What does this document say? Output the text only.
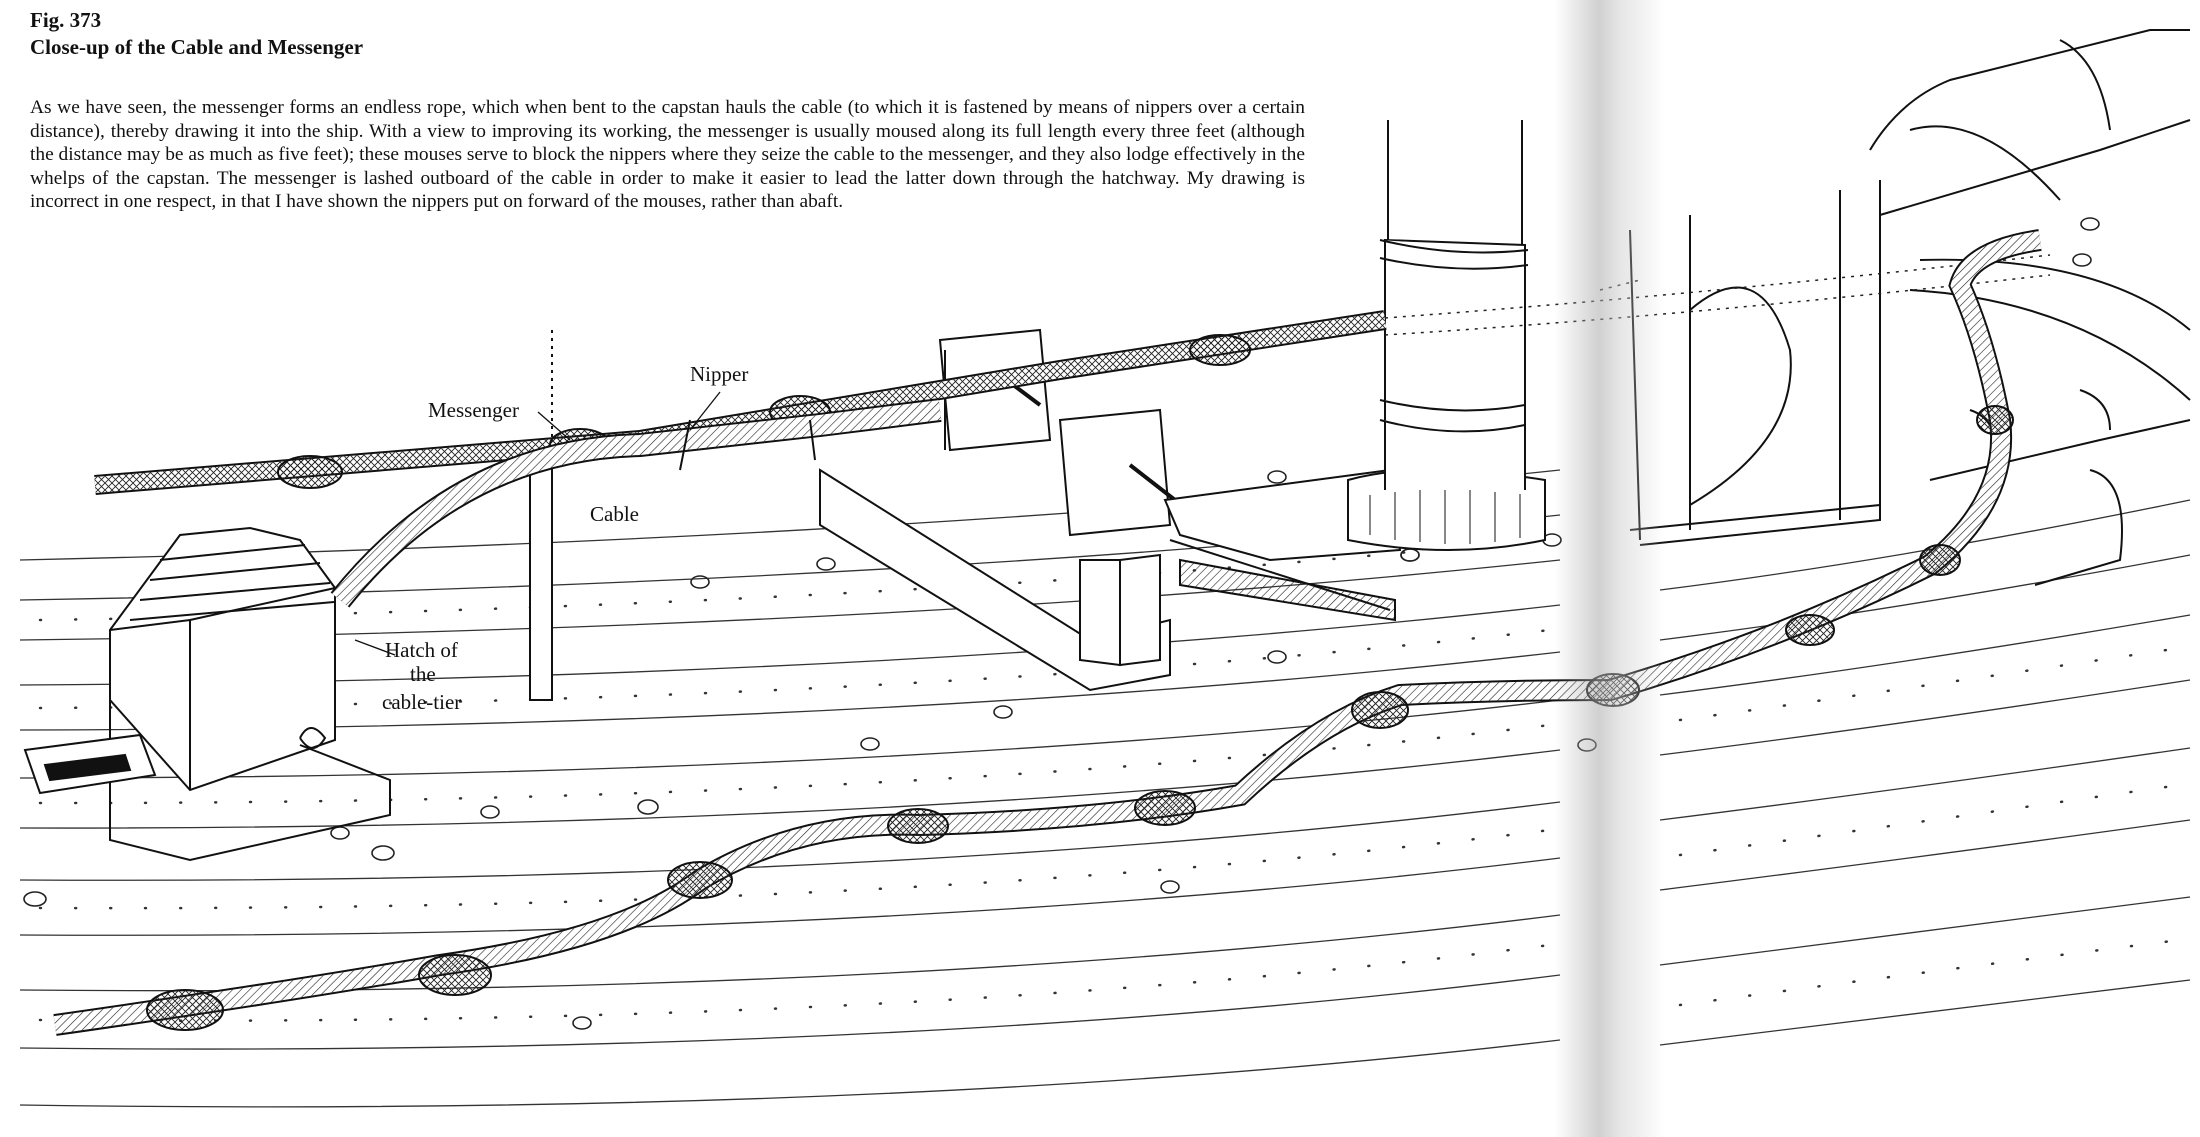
Fig. 373
Close-up of the Cable and Messenger
As we have seen, the messenger forms an endless rope, which when bent to the capstan hauls the cable (to which it is fastened by means of nippers over a certain distance), thereby drawing it into the ship. With a view to improving its working, the messenger is usually moused along its full length every three feet (although the distance may be as much as five feet); these mouses serve to block the nippers where they seize the cable to the messenger, and they also lodge effectively in the whelps of the capstan. The messenger is lashed outboard of the cable in order to make it easier to lead the latter down through the hatchway. My drawing is incorrect in one respect, in that I have shown the nippers put on forward of the mouses, rather than abaft.
Messenger
Nipper
Cable
Hatch of
the
cable-tier
